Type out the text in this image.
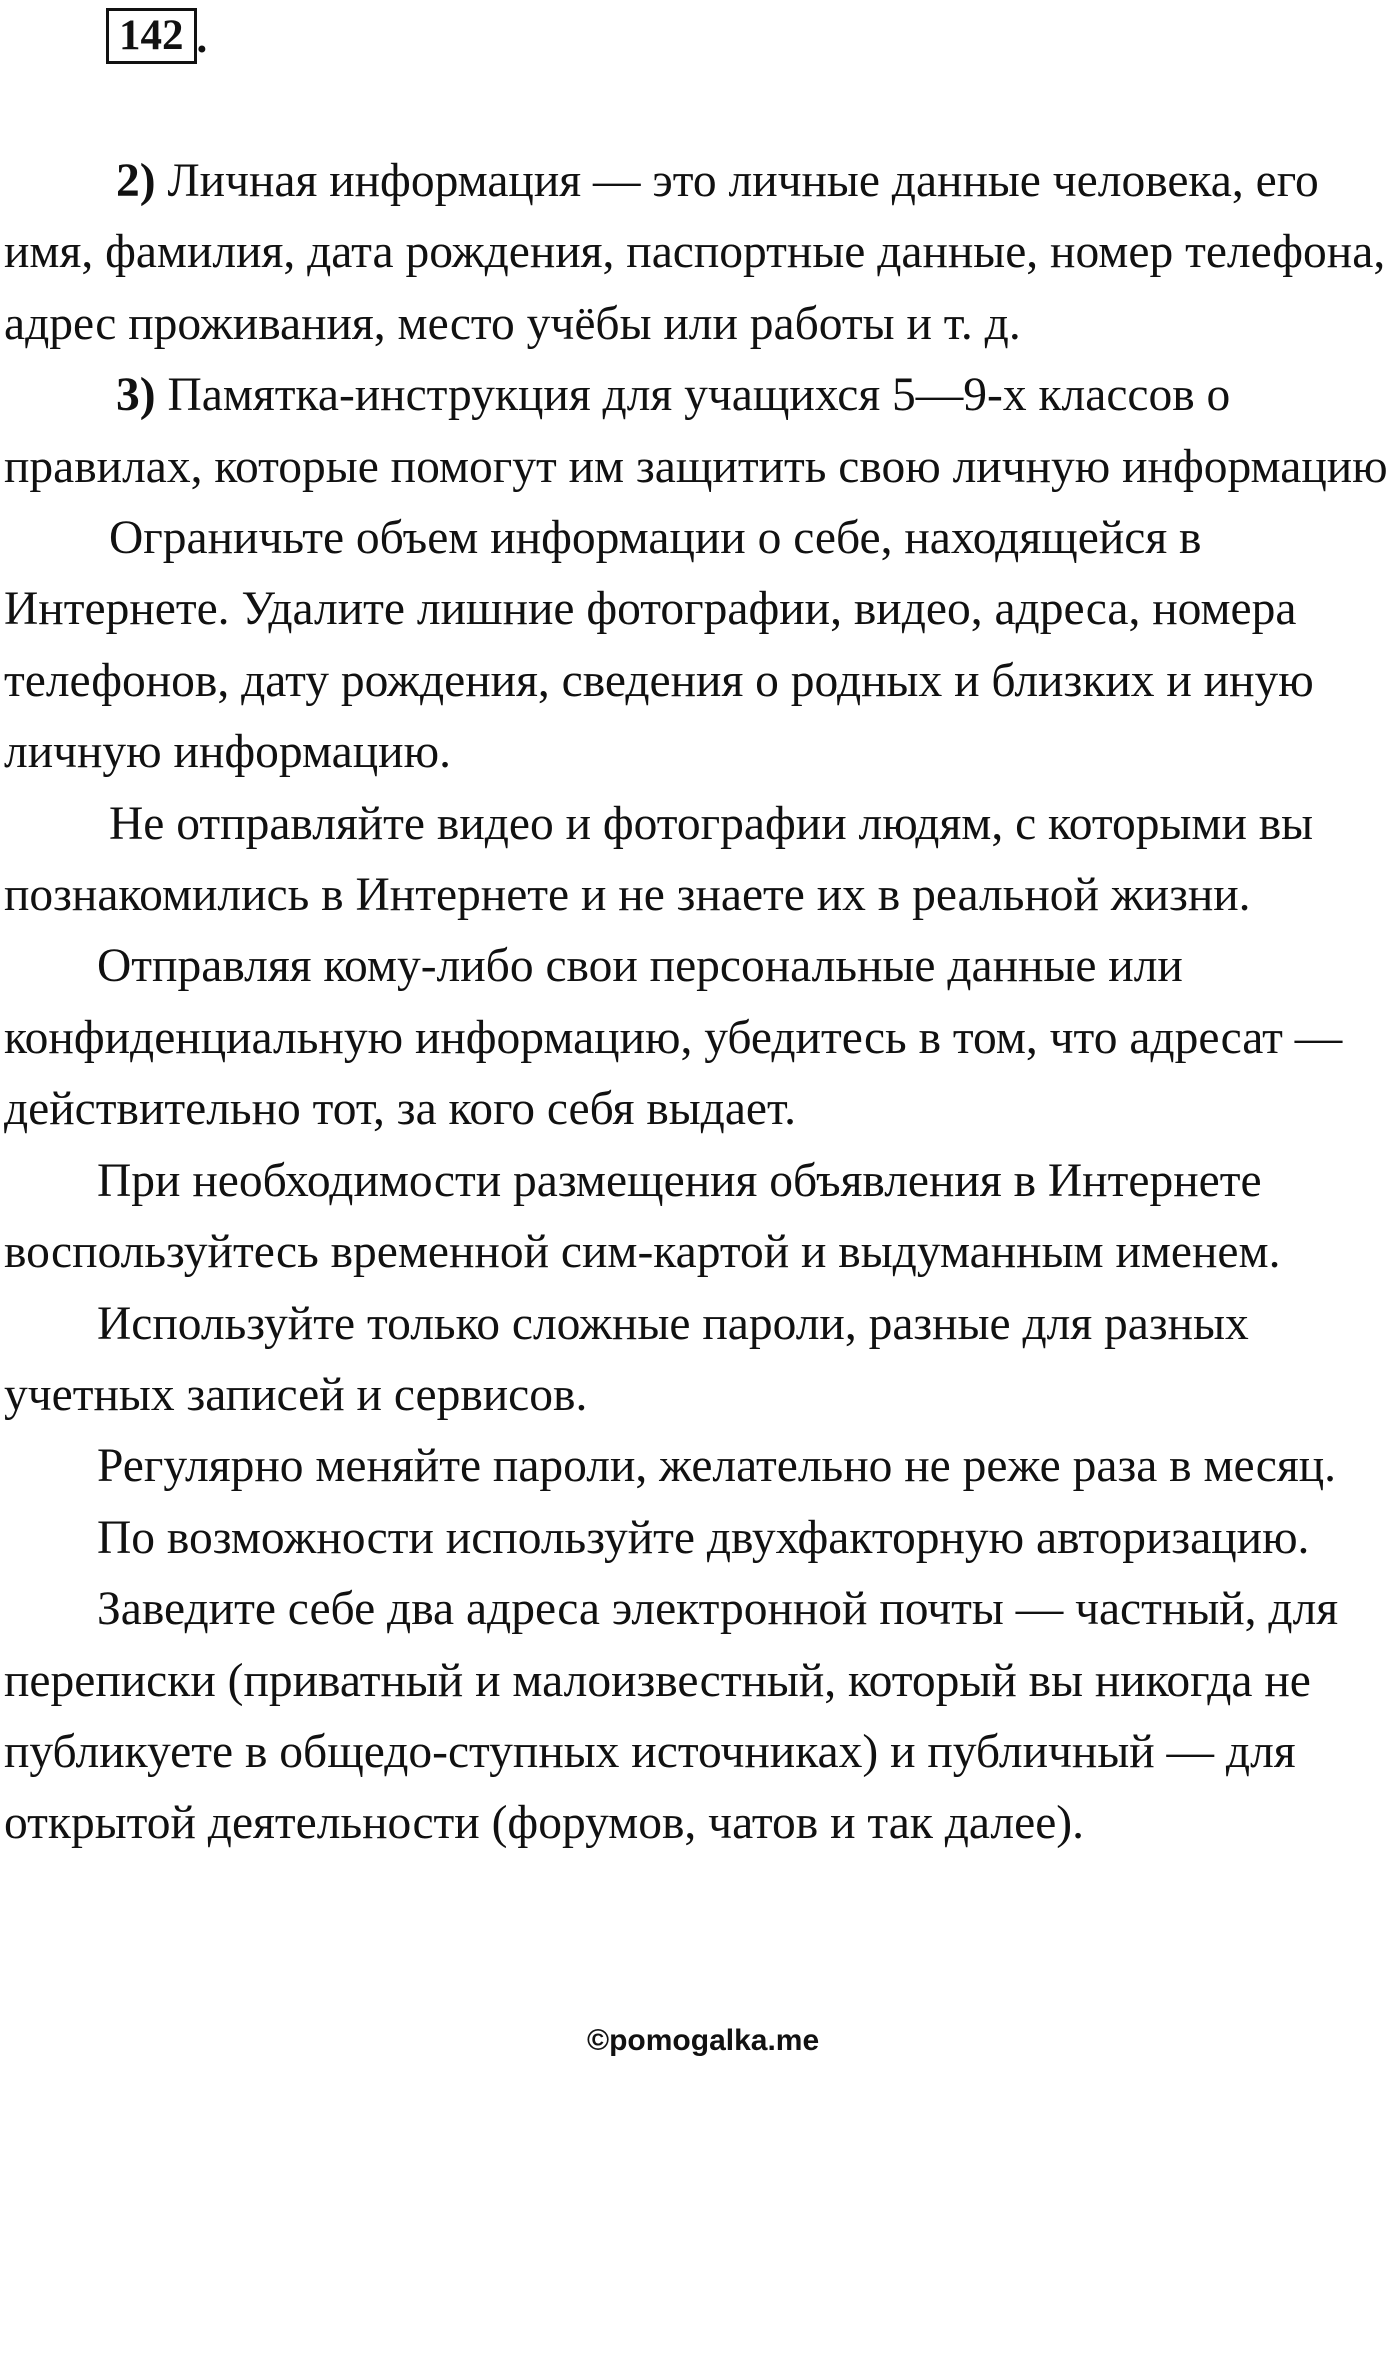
142 .

2) Личная информация — это личные данные человека, его имя, фамилия, дата рождения, паспортные данные, номер телефона, адрес проживания, место учёбы или работы и т. д.

3) Памятка-инструкция для учащихся 5—9-х классов о правилах, которые помогут им защитить свою личную информацию

Ограничьте объем информации о себе, находящейся в Интернете. Удалите лишние фотографии, видео, адреса, номера телефонов, дату рождения, сведения о родных и близких и иную личную информацию.

Не отправляйте видео и фотографии людям, с которыми вы познакомились в Интернете и не знаете их в реальной жизни.

Отправляя кому-либо свои персональные данные или конфиденциальную информацию, убедитесь в том, что адресат — действительно тот, за кого себя выдает.

При необходимости размещения объявления в Интернете воспользуйтесь временной сим-картой и выдуманным именем.

Используйте только сложные пароли, разные для разных учетных записей и сервисов.

Регулярно меняйте пароли, желательно не реже раза в месяц.

По возможности используйте двухфакторную авторизацию.

Заведите себе два адреса электронной почты — частный, для переписки (приватный и малоизвестный, который вы никогда не публикуете в общедо-ступных источниках) и публичный — для открытой деятельности (форумов, чатов и так далее).

©pomogalka.me
